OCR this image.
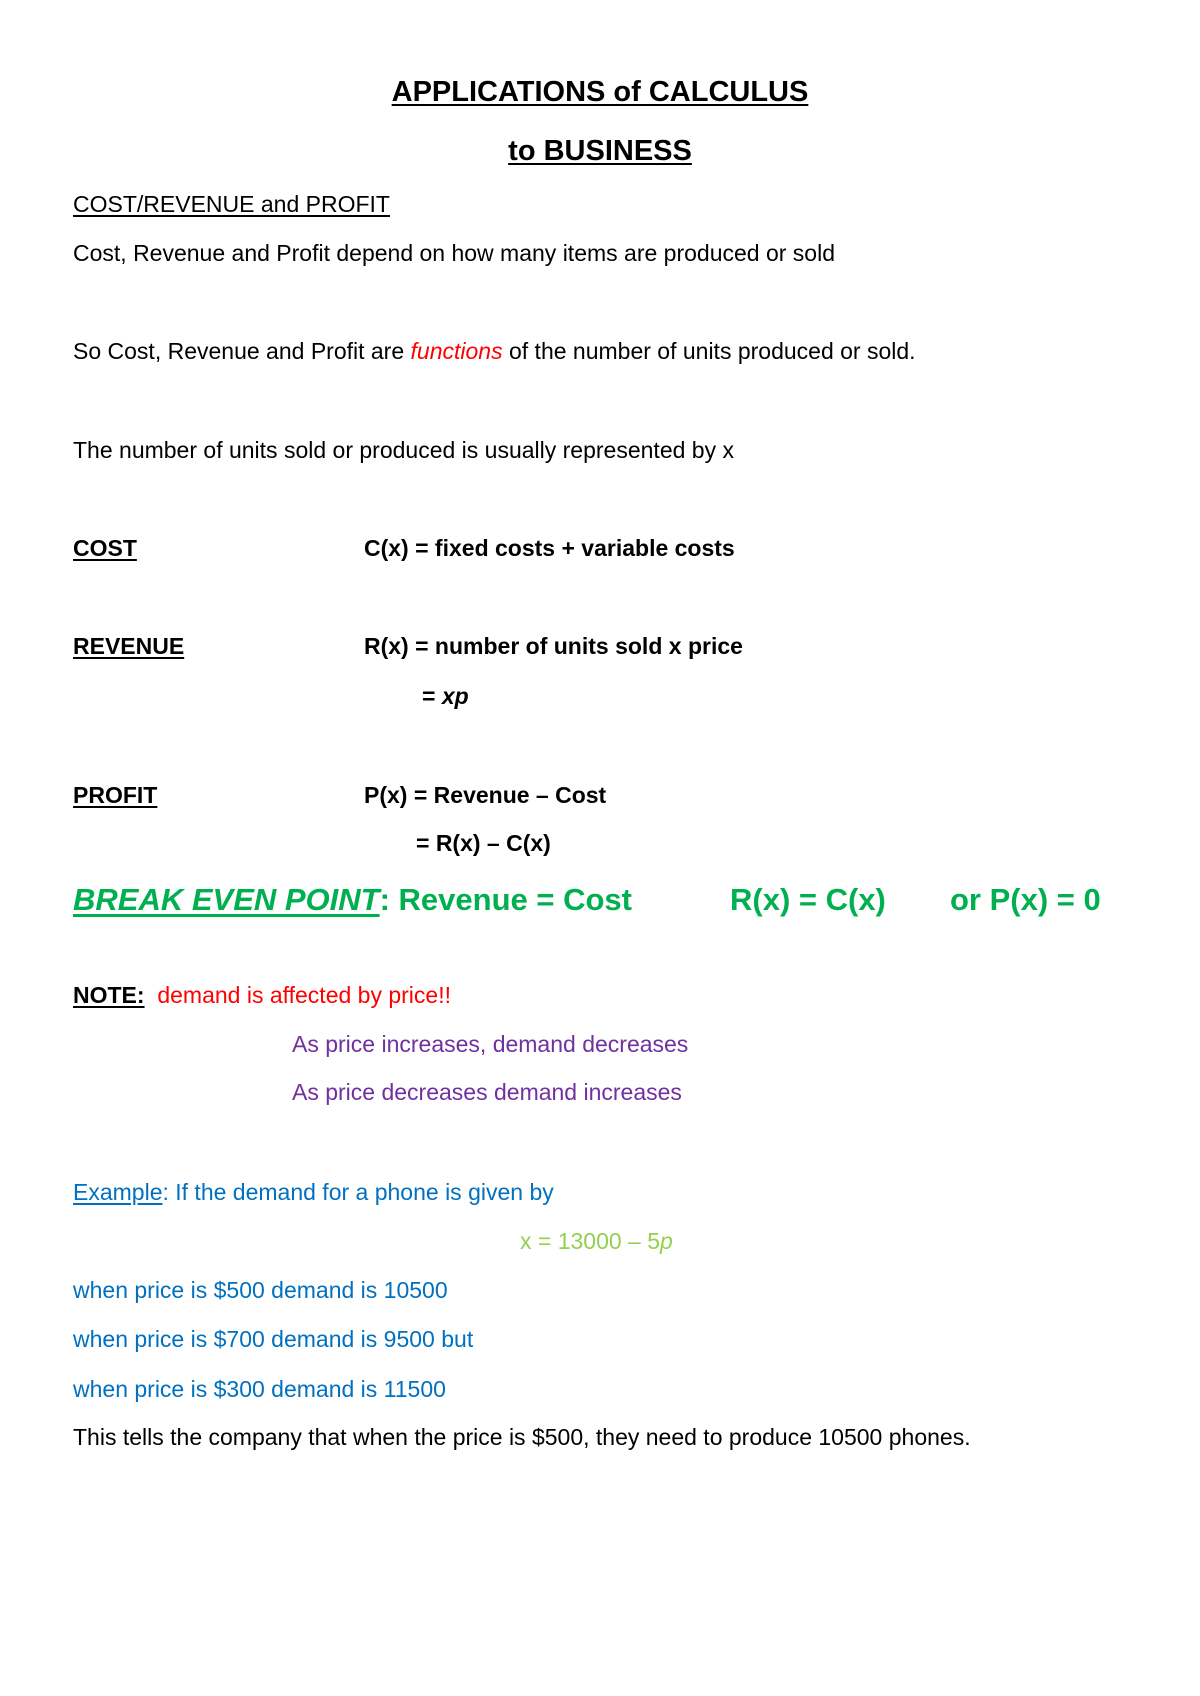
APPLICATIONS of CALCULUS
to BUSINESS
COST/REVENUE and PROFIT
Cost, Revenue and Profit depend on how many items are produced or sold
So Cost, Revenue and Profit are functions of the number of units produced or sold.
The number of units sold or produced is usually represented by x
COST	C(x) = fixed costs + variable costs
REVENUE	R(x) = number of units sold x price
= xp
PROFIT	P(x) = Revenue – Cost
= R(x) – C(x)
BREAK EVEN POINT: Revenue = Cost	R(x) = C(x) or P(x) = 0
NOTE: demand is affected by price!!
As price increases, demand decreases
As price decreases demand increases
Example: If the demand for a phone is given by
x = 13000 – 5p
when price is $500 demand is 10500
when price is $700 demand is 9500 but
when price is $300 demand is 11500
This tells the company that when the price is $500, they need to produce 10500 phones.
